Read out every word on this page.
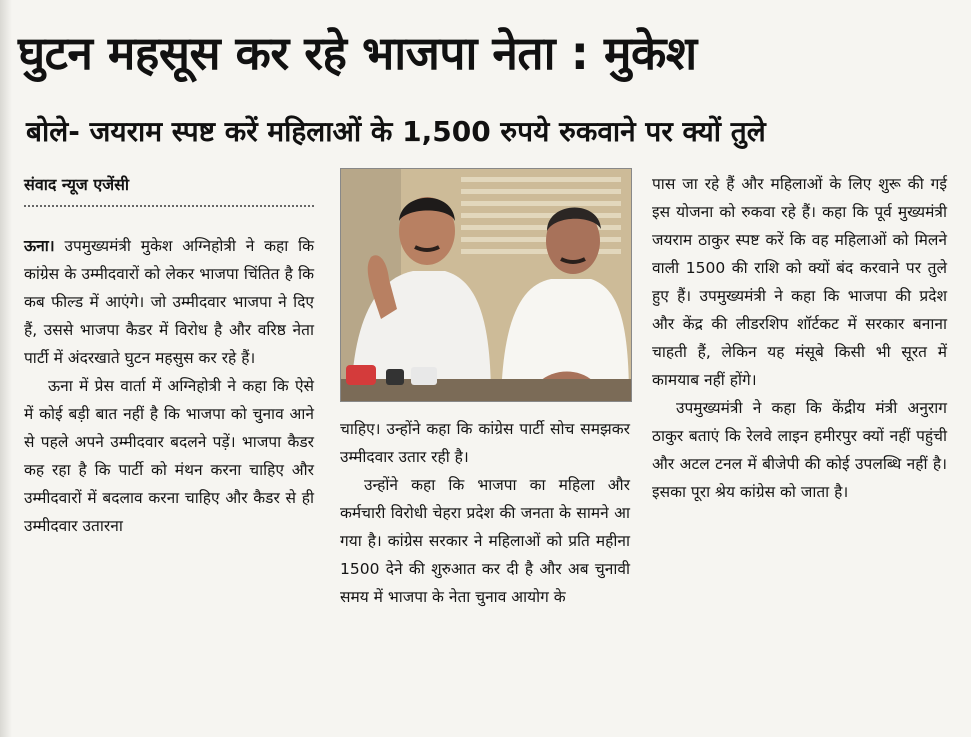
घुटन महसूस कर रहे भाजपा नेता : मुकेश
बोले- जयराम स्पष्ट करें महिलाओं के 1,500 रुपये रुकवाने पर क्यों तुले
संवाद न्यूज एजेंसी

ऊना। उपमुख्यमंत्री मुकेश अग्निहोत्री ने कहा कि कांग्रेस के उम्मीदवारों को लेकर भाजपा चिंतित है कि कब फील्ड में आएंगे। जो उम्मीदवार भाजपा ने दिए हैं, उससे भाजपा कैडर में विरोध है और वरिष्ठ नेता पार्टी में अंदरखाते घुटन महसुस कर रहे हैं।

ऊना में प्रेस वार्ता में अग्निहोत्री ने कहा कि ऐसे में कोई बड़ी बात नहीं है कि भाजपा को चुनाव आने से पहले अपने उम्मीदवार बदलने पड़ें। भाजपा कैडर कह रहा है कि पार्टी को मंथन करना चाहिए और उम्मीदवारों में बदलाव करना चाहिए और कैडर से ही उम्मीदवार उतारना

चाहिए। उन्होंने कहा कि कांग्रेस पार्टी सोच समझकर उम्मीदवार उतार रही है।

उन्होंने कहा कि भाजपा का महिला और कर्मचारी विरोधी चेहरा प्रदेश की जनता के सामने आ गया है। कांग्रेस सरकार ने महिलाओं को प्रति महीना 1500 देने की शुरुआत कर दी है और अब चुनावी समय में भाजपा के नेता चुनाव आयोग के

पास जा रहे हैं और महिलाओं के लिए शुरू की गई इस योजना को रुकवा रहे हैं। कहा कि पूर्व मुख्यमंत्री जयराम ठाकुर स्पष्ट करें कि वह महिलाओं को मिलने वाली 1500 की राशि को क्यों बंद करवाने पर तुले हुए हैं। उपमुख्यमंत्री ने कहा कि भाजपा की प्रदेश और केंद्र की लीडरशिप शॉर्टकट में सरकार बनाना चाहती हैं, लेकिन यह मंसूबे किसी भी सूरत में कामयाब नहीं होंगे।

उपमुख्यमंत्री ने कहा कि केंद्रीय मंत्री अनुराग ठाकुर बताएं कि रेलवे लाइन हमीरपुर क्यों नहीं पहुंची और अटल टनल में बीजेपी की कोई उपलब्धि नहीं है। इसका पूरा श्रेय कांग्रेस को जाता है।
